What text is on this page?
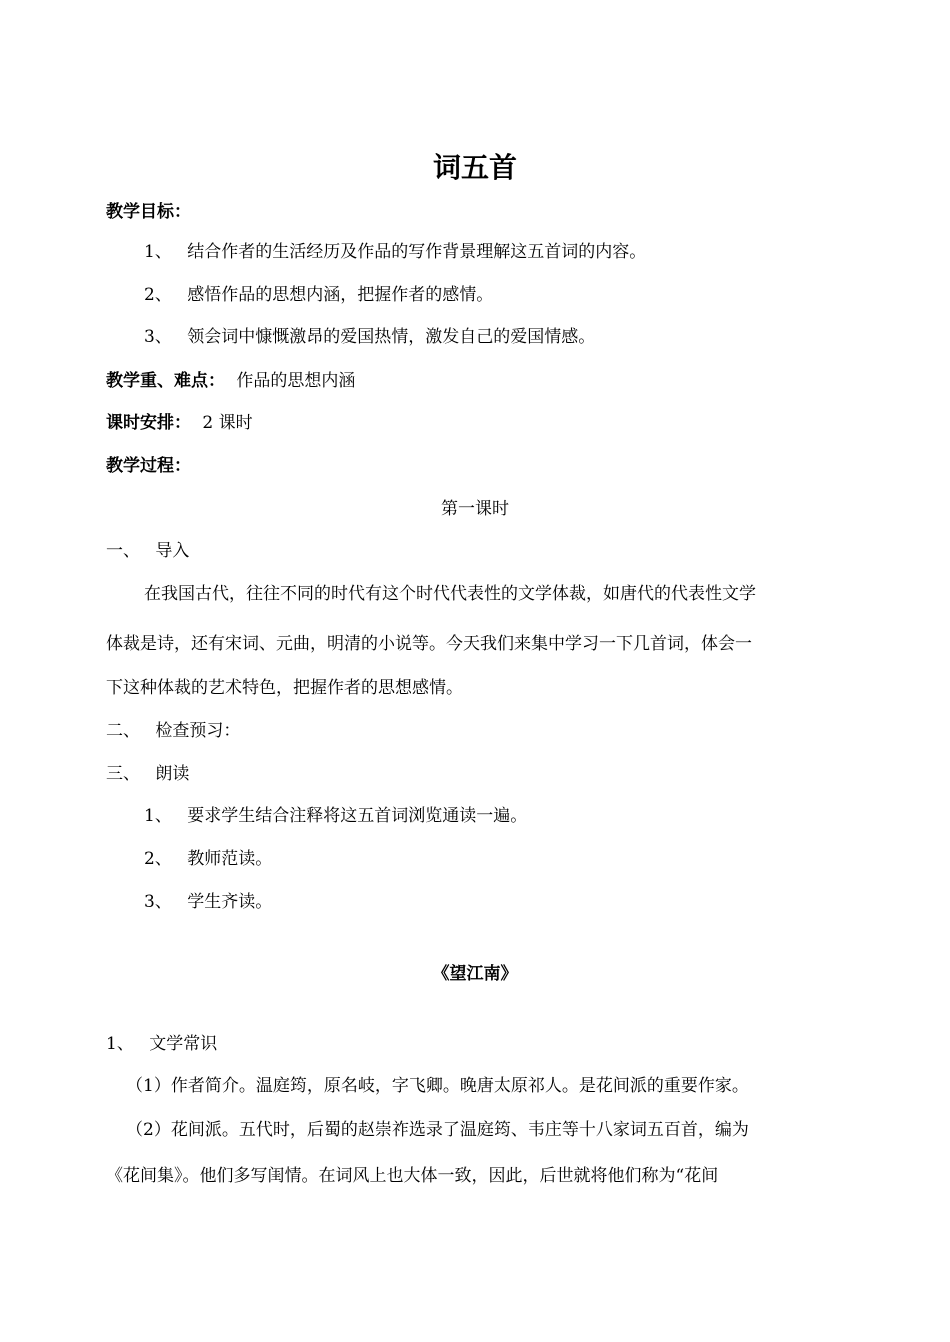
词五首
教学目标：
1、 结合作者的生活经历及作品的写作背景理解这五首词的内容。
2、 感悟作品的思想内涵，把握作者的感情。
3、 领会词中慷慨激昂的爱国热情，激发自己的爱国情感。
教学重、难点： 作品的思想内涵
课时安排： 2 课时
教学过程：
第一课时
一、 导入
在我国古代，往往不同的时代有这个时代代表性的文学体裁，如唐代的代表性文学
体裁是诗，还有宋词、元曲，明清的小说等。今天我们来集中学习一下几首词，体会一
下这种体裁的艺术特色，把握作者的思想感情。
二、 检查预习：
三、 朗读
1、 要求学生结合注释将这五首词浏览通读一遍。
2、 教师范读。
3、 学生齐读。
《望江南》
1、 文学常识
（1）作者简介。温庭筠，原名岐，字飞卿。晚唐太原祁人。是花间派的重要作家。
（2）花间派。五代时，后蜀的赵崇祚选录了温庭筠、韦庄等十八家词五百首，编为
《花间集》。他们多写闺情。在词风上也大体一致，因此，后世就将他们称为“花间
